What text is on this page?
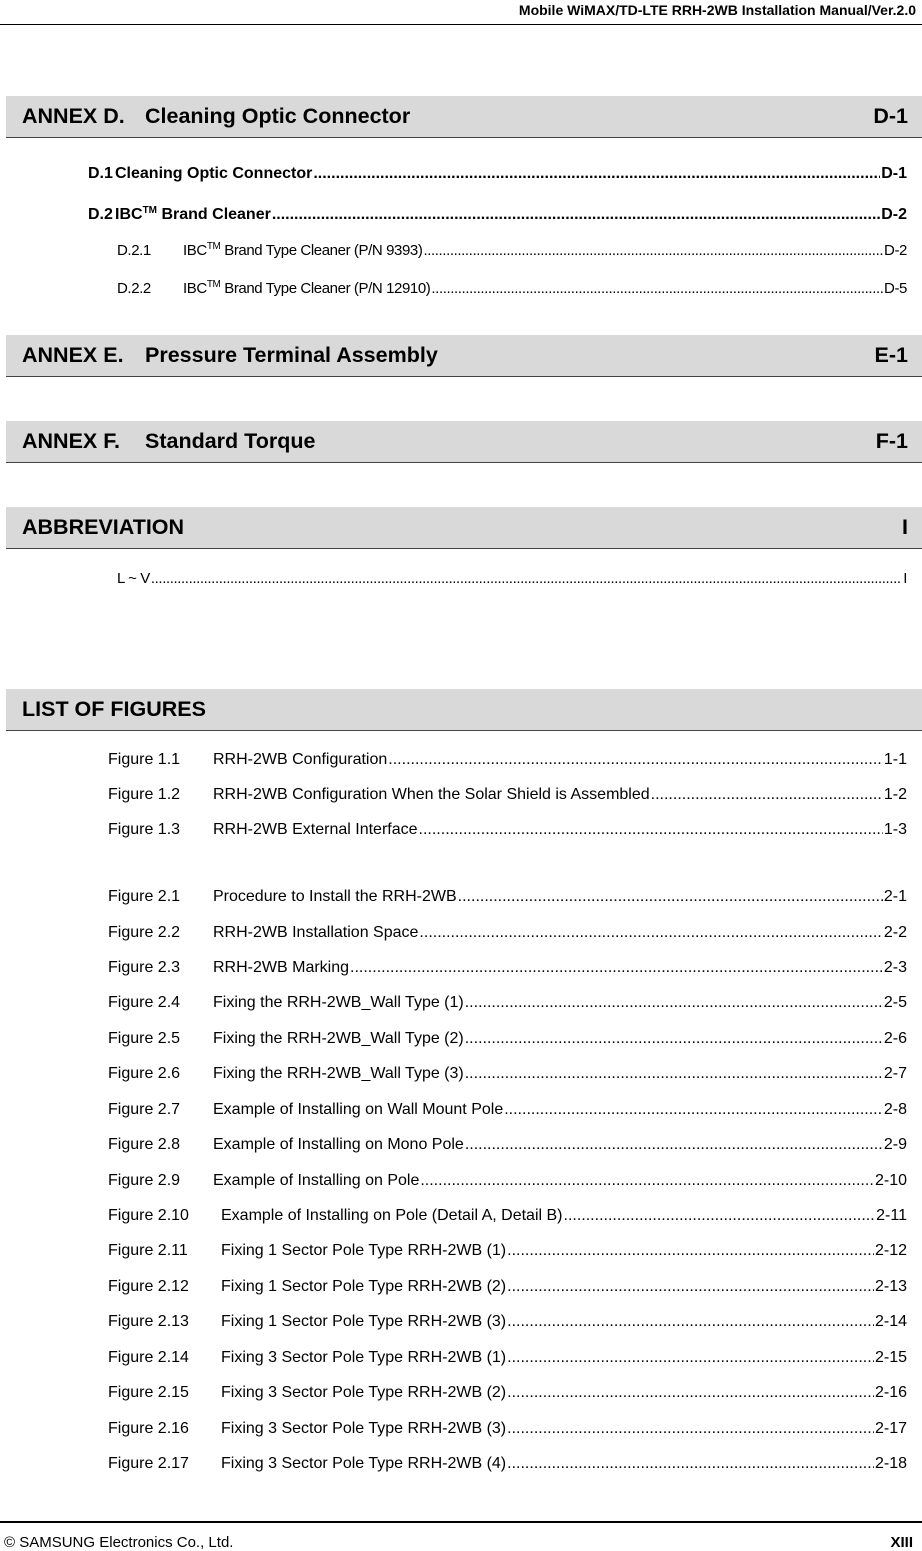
Mobile WiMAX/TD-LTE RRH-2WB Installation Manual/Ver.2.0
ANNEX D. Cleaning Optic Connector	D-1
D.1 Cleaning Optic Connector .....	D-1
D.2 IBC™ Brand Cleaner .....	D-2
D.2.1	IBC™ Brand Type Cleaner (P/N 9393) .....	D-2
D.2.2	IBC™ Brand Type Cleaner (P/N 12910) .....	D-5
ANNEX E. Pressure Terminal Assembly	E-1
ANNEX F.	Standard Torque	F-1
ABBREVIATION	I
L ~ V .....	I
LIST OF FIGURES
Figure 1.1	RRH-2WB Configuration .....	1-1
Figure 1.2	RRH-2WB Configuration When the Solar Shield is Assembled .....	1-2
Figure 1.3	RRH-2WB External Interface .....	1-3
Figure 2.1	Procedure to Install the RRH-2WB .....	2-1
Figure 2.2	RRH-2WB Installation Space .....	2-2
Figure 2.3	RRH-2WB Marking .....	2-3
Figure 2.4	Fixing the RRH-2WB_Wall Type (1) .....	2-5
Figure 2.5	Fixing the RRH-2WB_Wall Type (2) .....	2-6
Figure 2.6	Fixing the RRH-2WB_Wall Type (3) .....	2-7
Figure 2.7	Example of Installing on Wall Mount Pole .....	2-8
Figure 2.8	Example of Installing on Mono Pole .....	2-9
Figure 2.9	Example of Installing on Pole .....	2-10
Figure 2.10	Example of Installing on Pole (Detail A, Detail B) .....	2-11
Figure 2.11	Fixing 1 Sector Pole Type RRH-2WB (1) .....	2-12
Figure 2.12	Fixing 1 Sector Pole Type RRH-2WB (2) .....	2-13
Figure 2.13	Fixing 1 Sector Pole Type RRH-2WB (3) .....	2-14
Figure 2.14	Fixing 3 Sector Pole Type RRH-2WB (1) .....	2-15
Figure 2.15	Fixing 3 Sector Pole Type RRH-2WB (2) .....	2-16
Figure 2.16	Fixing 3 Sector Pole Type RRH-2WB (3) .....	2-17
Figure 2.17	Fixing 3 Sector Pole Type RRH-2WB (4) .....	2-18
© SAMSUNG Electronics Co., Ltd.	XIII
